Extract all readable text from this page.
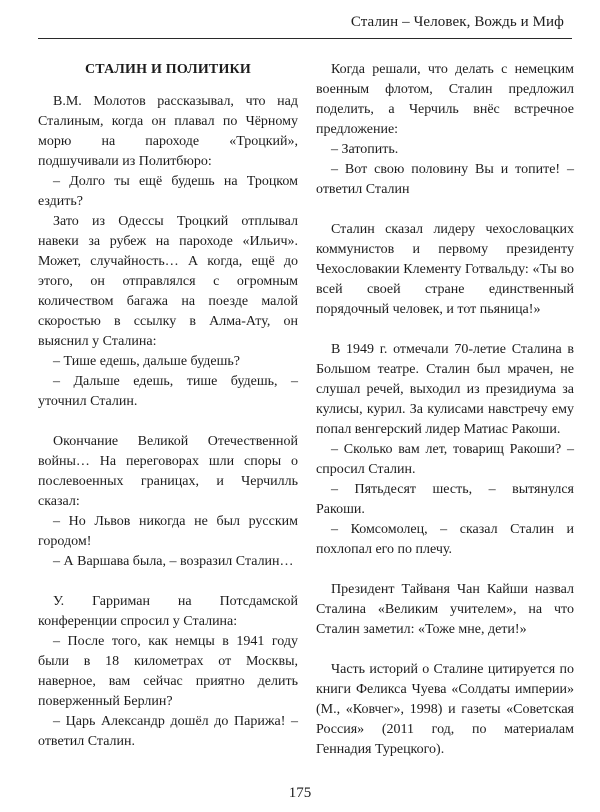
Сталин – Человек, Вождь и Миф
СТАЛИН И ПОЛИТИКИ

В.М. Молотов рассказывал, что над Сталиным, когда он плавал по Чёрному морю на пароходе «Троцкий», подшучивали из Политбюро:

– Долго ты ещё будешь на Троцком ездить?

Зато из Одессы Троцкий отплывал навеки за рубеж на пароходе «Ильич». Может, случайность… А когда, ещё до этого, он отправлялся с огромным количеством багажа на поезде малой скоростью в ссылку в Алма-Ату, он выяснил у Сталина:

– Тише едешь, дальше будешь?

– Дальше едешь, тише будешь, – уточнил Сталин.

Окончание Великой Отечественной войны… На переговорах шли споры о послевоенных границах, и Черчилль сказал:

– Но Львов никогда не был русским городом!

– А Варшава была, – возразил Сталин…

У. Гарриман на Потсдамской конференции спросил у Сталина:

– После того, как немцы в 1941 году были в 18 километрах от Москвы, наверное, вам сейчас приятно делить поверженный Берлин?

– Царь Александр дошёл до Парижа! – ответил Сталин.

Когда решали, что делать с немецким военным флотом, Сталин предложил поделить, а Черчиль внёс встречное предложение:

– Затопить.

– Вот свою половину Вы и топите! – ответил Сталин

Сталин сказал лидеру чехословацких коммунистов и первому президенту Чехословакии Клементу Готвальду: «Ты во всей своей стране единственный порядочный человек, и тот пьяница!»

В 1949 г. отмечали 70-летие Сталина в Большом театре. Сталин был мрачен, не слушал речей, выходил из президиума за кулисы, курил. За кулисами навстречу ему попал венгерский лидер Матиас Ракоши.

– Сколько вам лет, товарищ Ракоши? – спросил Сталин.

– Пятьдесят шесть, – вытянулся Ракоши.

– Комсомолец, – сказал Сталин и похлопал его по плечу.

Президент Тайваня Чан Кайши назвал Сталина «Великим учителем», на что Сталин заметил: «Тоже мне, дети!»

Часть историй о Сталине цитируется по книги Феликса Чуева «Солдаты империи» (М., «Ковчег», 1998) и газеты «Советская Россия» (2011 год, по материалам Геннадия Турецкого).

175
